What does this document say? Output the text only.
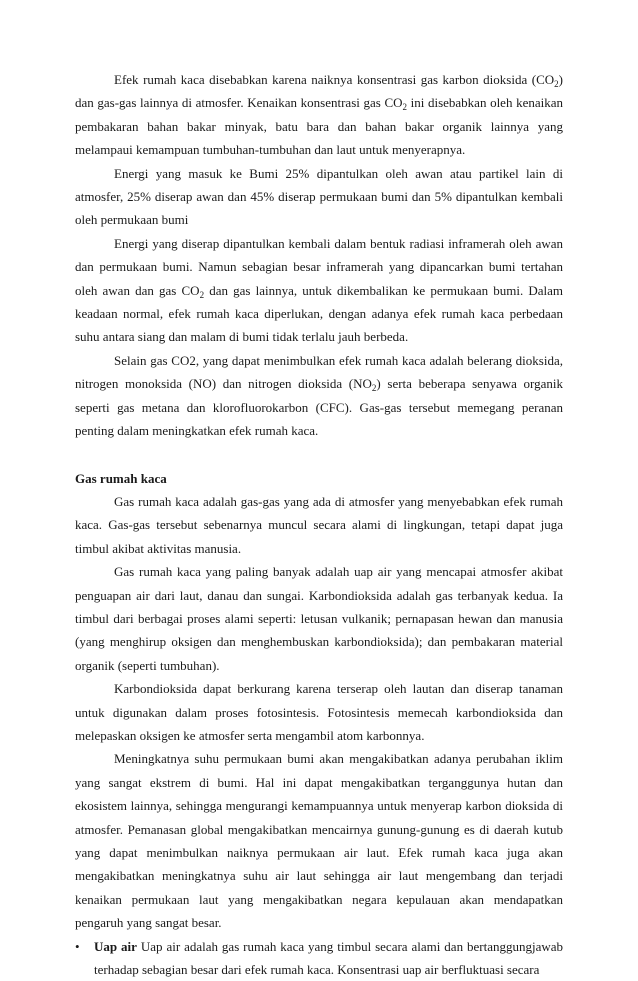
Efek rumah kaca disebabkan karena naiknya konsentrasi gas karbon dioksida $(CO_2)$ dan gas-gas lainnya di atmosfer. Kenaikan konsentrasi gas $CO_2$ ini disebabkan oleh kenaikan pembakaran bahan bakar minyak, batu bara dan bahan bakar organik lainnya yang melampaui kemampuan tumbuhan-tumbuhan dan laut untuk menyerapnya.

Energi yang masuk ke Bumi 25% dipantulkan oleh awan atau partikel lain di atmosfer, 25% diserap awan dan 45% diserap permukaan bumi dan 5% dipantulkan kembali oleh permukaan bumi

Energi yang diserap dipantulkan kembali dalam bentuk radiasi inframerah oleh awan dan permukaan bumi. Namun sebagian besar inframerah yang dipancarkan bumi tertahan oleh awan dan gas $CO_2$ dan gas lainnya, untuk dikembalikan ke permukaan bumi. Dalam keadaan normal, efek rumah kaca diperlukan, dengan adanya efek rumah kaca perbedaan suhu antara siang dan malam di bumi tidak terlalu jauh berbeda.

Selain gas CO2, yang dapat menimbulkan efek rumah kaca adalah belerang dioksida, nitrogen monoksida (NO) dan nitrogen dioksida $(NO_2)$ serta beberapa senyawa organik seperti gas metana dan klorofluorokarbon (CFC). Gas-gas tersebut memegang peranan penting dalam meningkatkan efek rumah kaca.

Gas rumah kaca

Gas rumah kaca adalah gas-gas yang ada di atmosfer yang menyebabkan efek rumah kaca. Gas-gas tersebut sebenarnya muncul secara alami di lingkungan, tetapi dapat juga timbul akibat aktivitas manusia.

Gas rumah kaca yang paling banyak adalah uap air yang mencapai atmosfer akibat penguapan air dari laut, danau dan sungai. Karbondioksida adalah gas terbanyak kedua. Ia timbul dari berbagai proses alami seperti: letusan vulkanik; pernapasan hewan dan manusia (yang menghirup oksigen dan menghembuskan karbondioksida); dan pembakaran material organik (seperti tumbuhan).

Karbondioksida dapat berkurang karena terserap oleh lautan dan diserap tanaman untuk digunakan dalam proses fotosintesis. Fotosintesis memecah karbondioksida dan melepaskan oksigen ke atmosfer serta mengambil atom karbonnya.

Meningkatnya suhu permukaan bumi akan mengakibatkan adanya perubahan iklim yang sangat ekstrem di bumi. Hal ini dapat mengakibatkan terganggunya hutan dan ekosistem lainnya, sehingga mengurangi kemampuannya untuk menyerap karbon dioksida di atmosfer. Pemanasan global mengakibatkan mencairnya gunung-gunung es di daerah kutub yang dapat menimbulkan naiknya permukaan air laut. Efek rumah kaca juga akan mengakibatkan meningkatnya suhu air laut sehingga air laut mengembang dan terjadi kenaikan permukaan laut yang mengakibatkan negara kepulauan akan mendapatkan pengaruh yang sangat besar.

• Uap air Uap air adalah gas rumah kaca yang timbul secara alami dan bertanggungjawab terhadap sebagian besar dari efek rumah kaca. Konsentrasi uap air berfluktuasi secara
